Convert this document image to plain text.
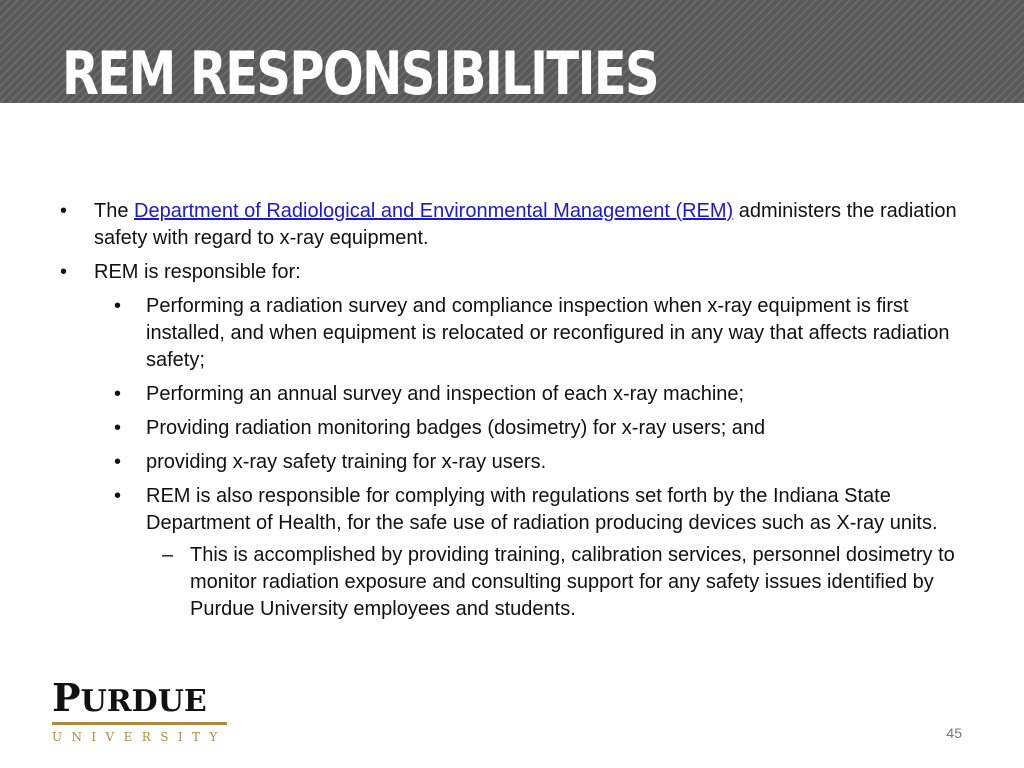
REM RESPONSIBILITIES
• The Department of Radiological and Environmental Management (REM) administers the radiation safety with regard to x-ray equipment.
• REM is responsible for:
• Performing a radiation survey and compliance inspection when x-ray equipment is first installed, and when equipment is relocated or reconfigured in any way that affects radiation safety;
• Performing an annual survey and inspection of each x-ray machine;
• Providing radiation monitoring badges (dosimetry) for x-ray users; and
• providing x-ray safety training for x-ray users.
• REM is also responsible for complying with regulations set forth by the Indiana State Department of Health, for the safe use of radiation producing devices such as X-ray units.
– This is accomplished by providing training, calibration services, personnel dosimetry to monitor radiation exposure and consulting support for any safety issues identified by Purdue University employees and students.
PURDUE
UNIVERSITY	45
